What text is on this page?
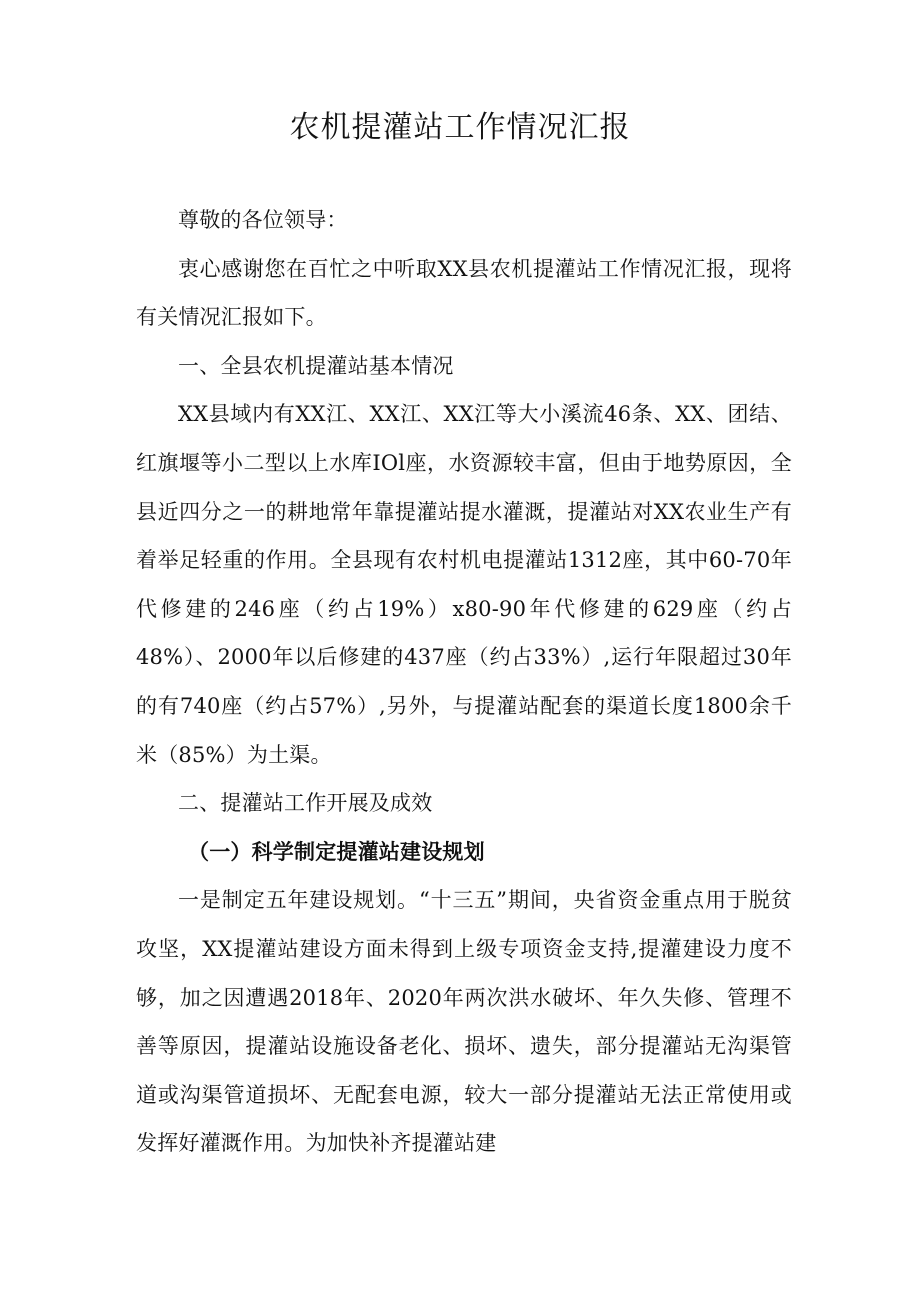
农机提灌站工作情况汇报

尊敬的各位领导：

衷心感谢您在百忙之中听取XX县农机提灌站工作情况汇报，现将有关情况汇报如下。

一、全县农机提灌站基本情况

XX县域内有XX江、XX江、XX江等大小溪流46条、XX、团结、红旗堰等小二型以上水库IOl座，水资源较丰富，但由于地势原因，全县近四分之一的耕地常年靠提灌站提水灌溉，提灌站对XX农业生产有着举足轻重的作用。全县现有农村机电提灌站1312座，其中60-70年代修建的246座（约占19%）x80-90年代修建的629座（约占48%）、2000年以后修建的437座（约占33%）,运行年限超过30年的有740座（约占57%）,另外，与提灌站配套的渠道长度1800余千米（85%）为土渠。

二、提灌站工作开展及成效

（一）科学制定提灌站建设规划

一是制定五年建设规划。“十三五”期间，央省资金重点用于脱贫攻坚，XX提灌站建设方面未得到上级专项资金支持,提灌建设力度不够，加之因遭遇2018年、2020年两次洪水破坏、年久失修、管理不善等原因，提灌站设施设备老化、损坏、遗失，部分提灌站无沟渠管道或沟渠管道损坏、无配套电源，较大一部分提灌站无法正常使用或发挥好灌溉作用。为加快补齐提灌站建
